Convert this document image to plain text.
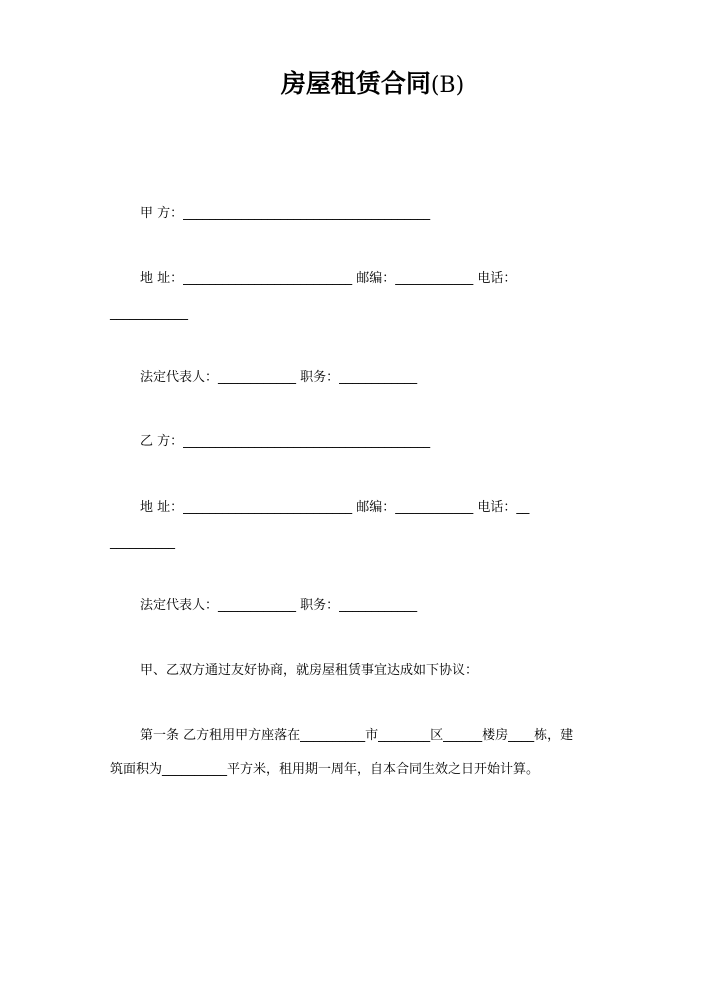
房屋租赁合同(B)
甲 方：______________________________________
地 址：__________________________ 邮编：____________ 电话：
____________
法定代表人：____________ 职务：____________
乙 方：______________________________________
地 址：__________________________ 邮编：____________ 电话：__
__________
法定代表人：____________ 职务：____________
甲、乙双方通过友好协商，就房屋租赁事宜达成如下协议：
第一条 乙方租用甲方座落在__________市________区______楼房____栋，建
筑面积为__________平方米，租用期一周年，自本合同生效之日开始计算。
